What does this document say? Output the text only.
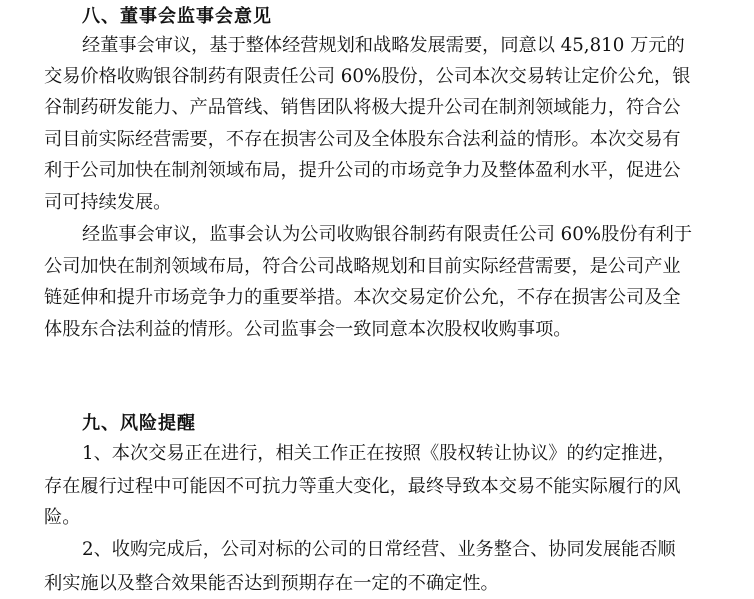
八、董事会监事会意见
经董事会审议，基于整体经营规划和战略发展需要，同意以 45,810 万元的
交易价格收购银谷制药有限责任公司 60%股份，公司本次交易转让定价公允，银
谷制药研发能力、产品管线、销售团队将极大提升公司在制剂领域能力，符合公
司目前实际经营需要，不存在损害公司及全体股东合法利益的情形。本次交易有
利于公司加快在制剂领域布局，提升公司的市场竞争力及整体盈利水平，促进公
司可持续发展。
经监事会审议，监事会认为公司收购银谷制药有限责任公司 60%股份有利于
公司加快在制剂领域布局，符合公司战略规划和目前实际经营需要，是公司产业
链延伸和提升市场竞争力的重要举措。本次交易定价公允，不存在损害公司及全
体股东合法利益的情形。公司监事会一致同意本次股权收购事项。
九、风险提醒
1、本次交易正在进行，相关工作正在按照《股权转让协议》的约定推进，
存在履行过程中可能因不可抗力等重大变化，最终导致本交易不能实际履行的风
险。
2、收购完成后，公司对标的公司的日常经营、业务整合、协同发展能否顺
利实施以及整合效果能否达到预期存在一定的不确定性。
